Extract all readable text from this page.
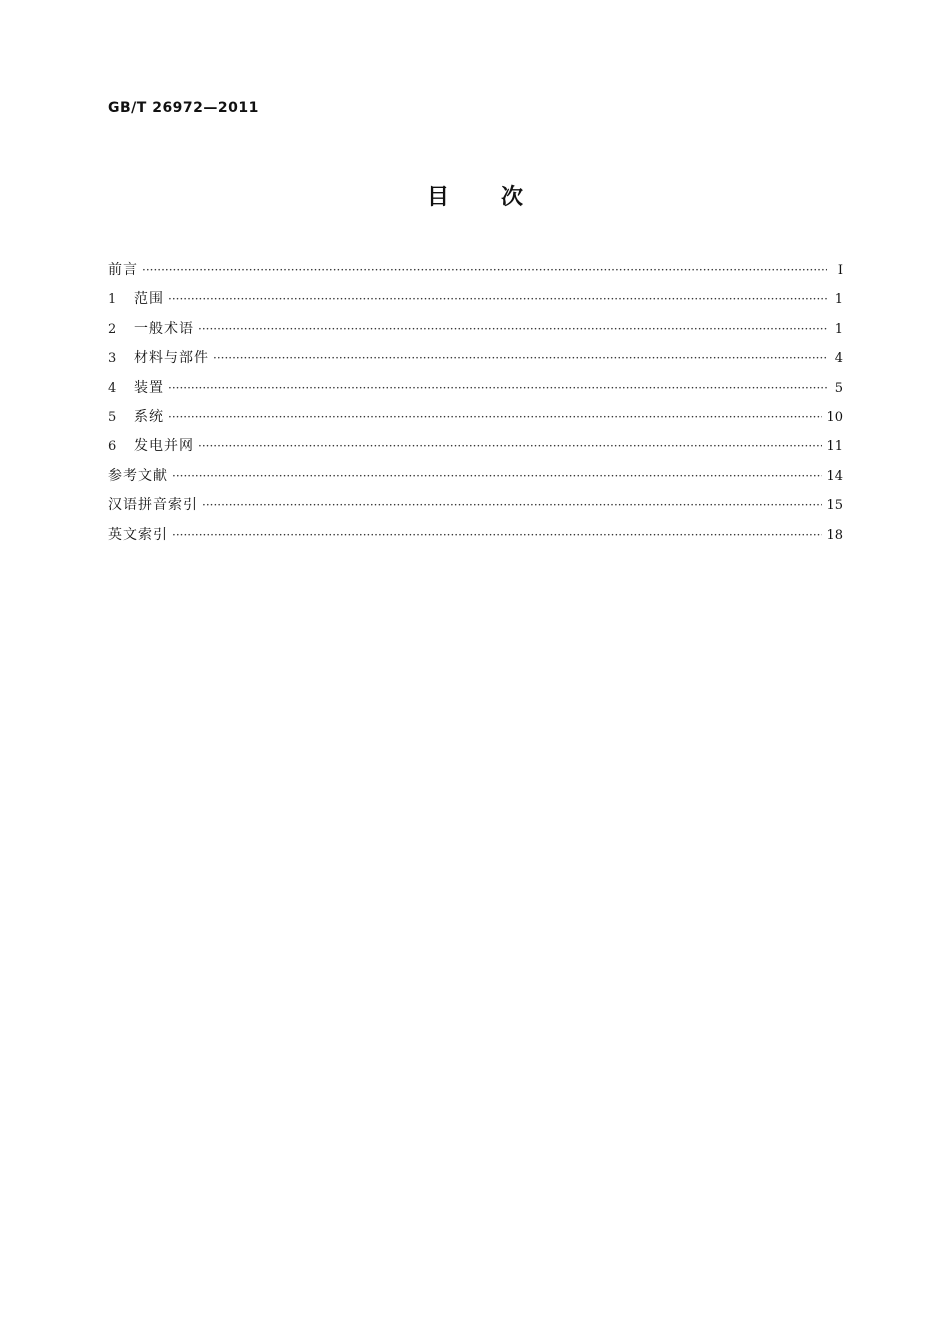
GB/T 26972—2011
目次
前言 ·····	Ⅰ
1	范围 ·····	1
2	一般术语 ·····	1
3	材料与部件 ·····	4
4	装置 ·····	5
5	系统 ·····	10
6	发电并网 ·····	11
参考文献 ·····	14
汉语拼音索引 ·····	15
英文索引 ·····	18
